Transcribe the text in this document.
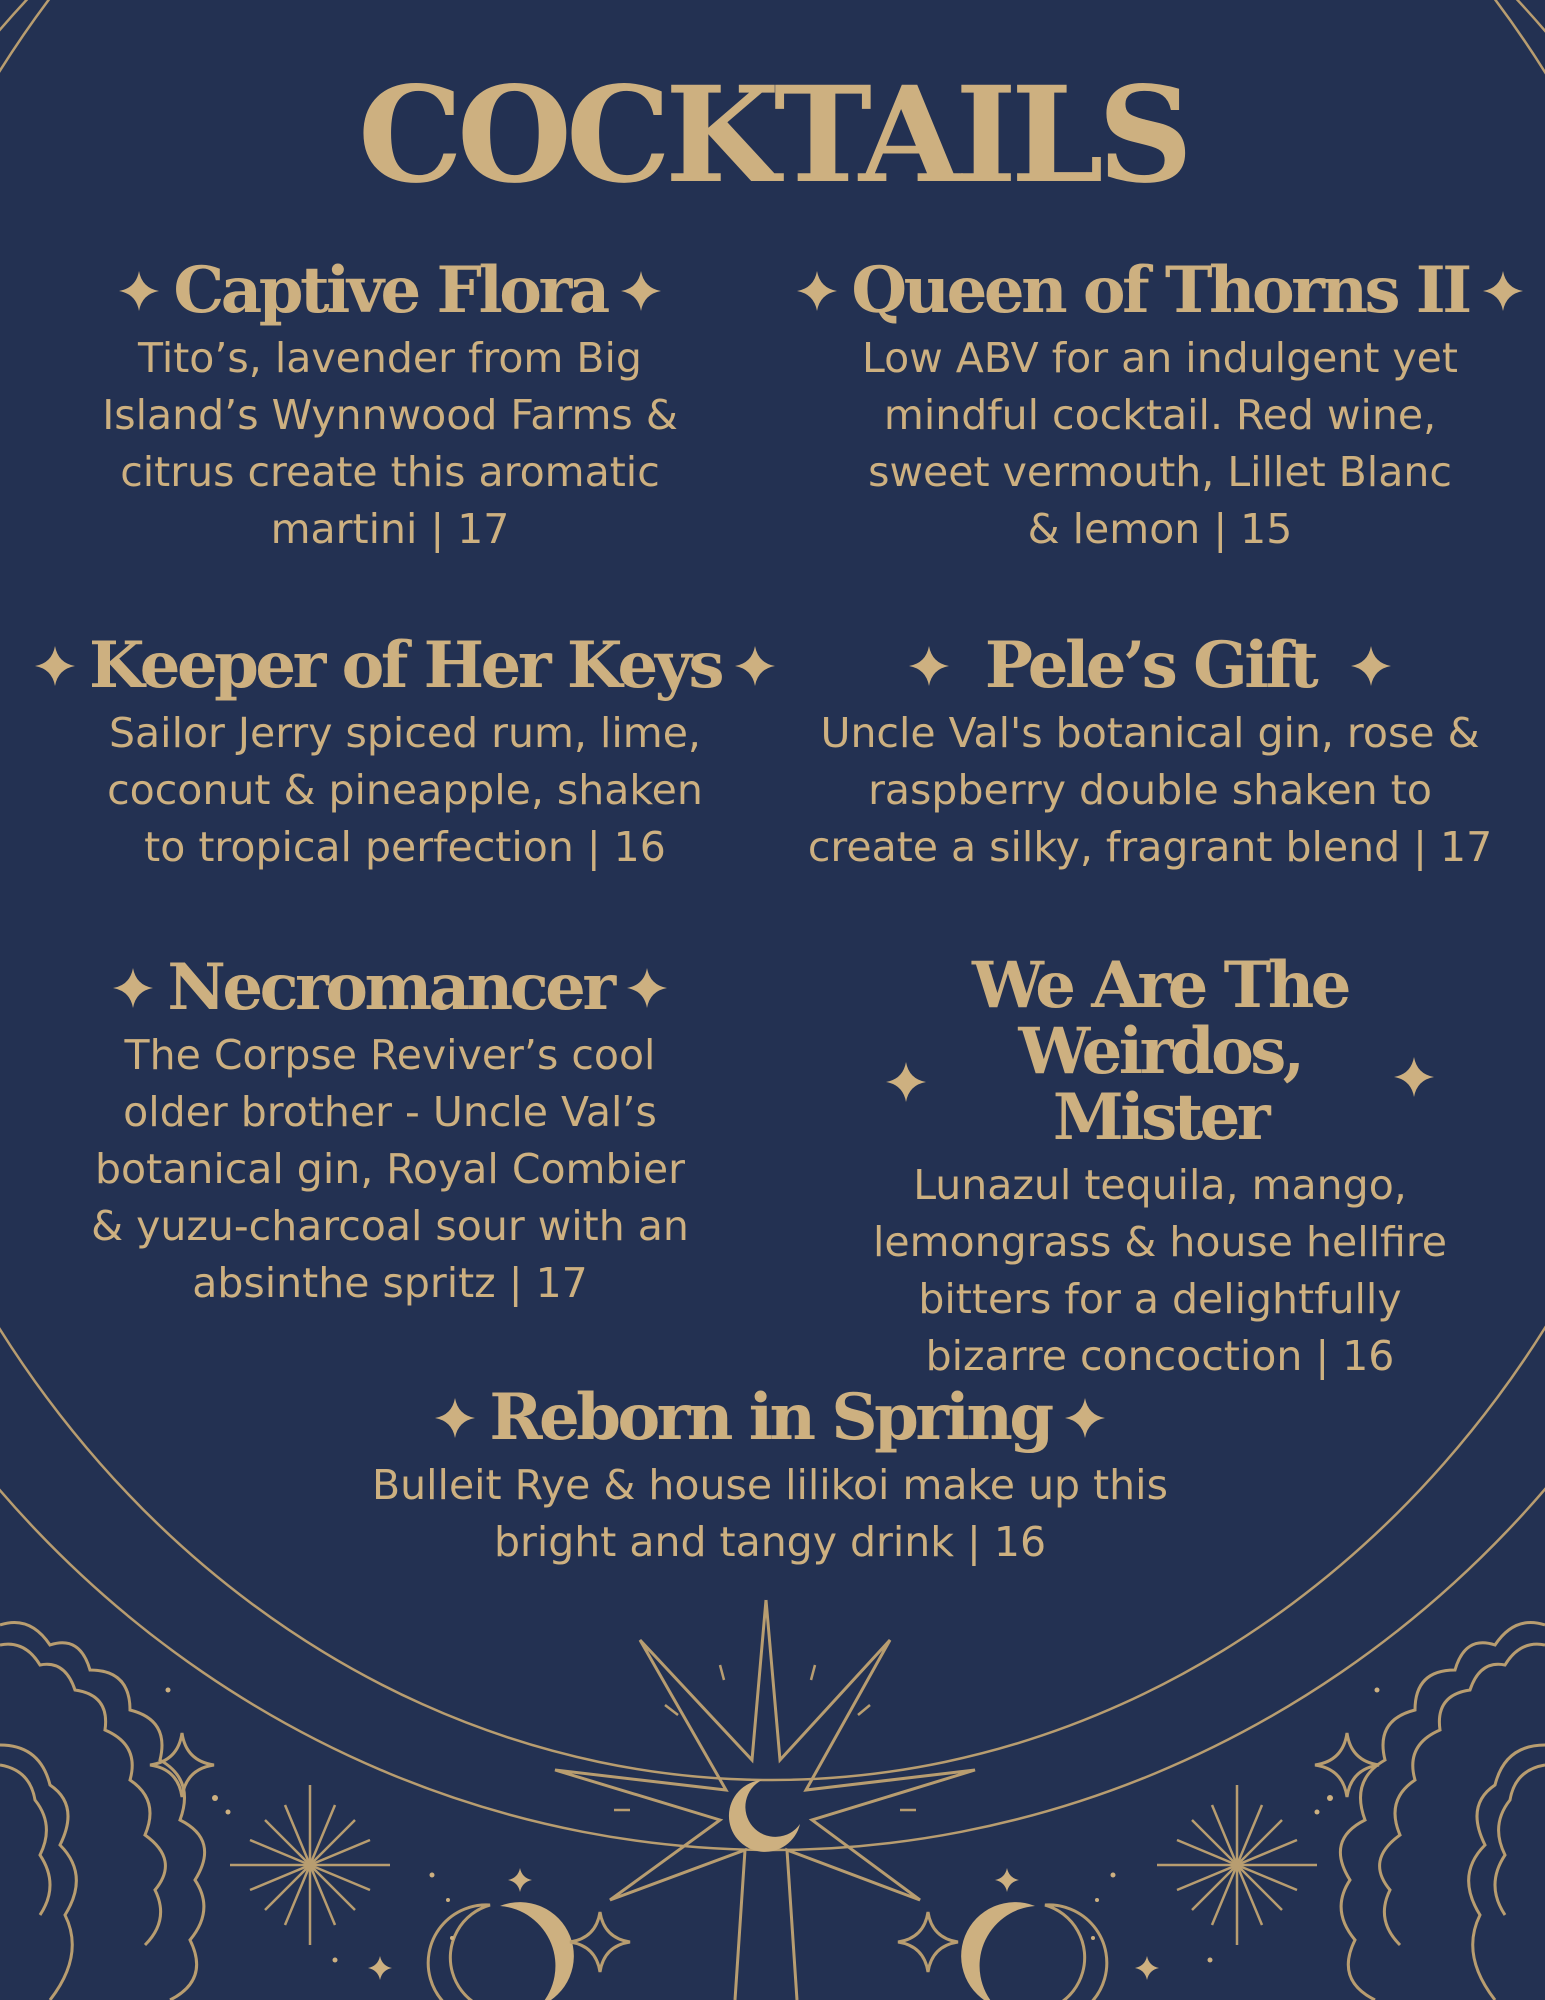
COCKTAILS
Captive Flora
Tito’s, lavender from Big Island’s Wynnwood Farms & citrus create this aromatic martini | 17
Queen of Thorns II
Low ABV for an indulgent yet mindful cocktail. Red wine, sweet vermouth, Lillet Blanc & lemon | 15
Keeper of Her Keys
Sailor Jerry spiced rum, lime, coconut & pineapple, shaken to tropical perfection | 16
Pele’s Gift
Uncle Val's botanical gin, rose & raspberry double shaken to create a silky, fragrant blend | 17
Necromancer
The Corpse Reviver’s cool older brother - Uncle Val’s botanical gin, Royal Combier & yuzu-charcoal sour with an absinthe spritz | 17
We Are The Weirdos, Mister
Lunazul tequila, mango, lemongrass & house hellfire bitters for a delightfully bizarre concoction | 16
Reborn in Spring
Bulleit Rye & house lilikoi make up this bright and tangy drink | 16
